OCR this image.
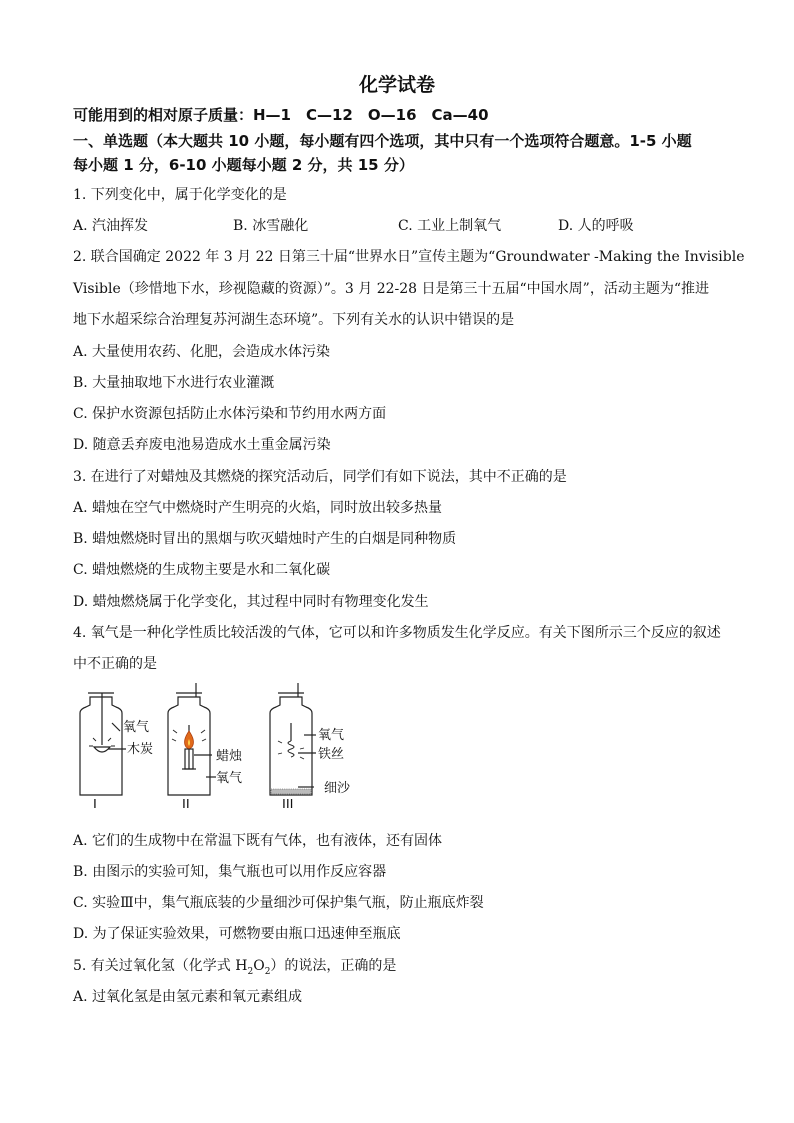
化学试卷
可能用到的相对原子质量：H—1　C—12　O—16　Ca—40
一、单选题（本大题共 10 小题，每小题有四个选项，其中只有一个选项符合题意。1-5 小题
每小题 1 分，6-10 小题每小题 2 分，共 15 分）
1. 下列变化中，属于化学变化的是
A. 汽油挥发	B. 冰雪融化	C. 工业上制氧气	D. 人的呼吸
2. 联合国确定 2022 年 3 月 22 日第三十届“世界水日”宣传主题为“Groundwater -Making the Invisible
Visible（珍惜地下水，珍视隐藏的资源）”。3 月 22-28 日是第三十五届“中国水周”，活动主题为“推进
地下水超采综合治理复苏河湖生态环境”。下列有关水的认识中错误的是
A. 大量使用农药、化肥，会造成水体污染
B. 大量抽取地下水进行农业灌溉
C. 保护水资源包括防止水体污染和节约用水两方面
D. 随意丢弃废电池易造成水土重金属污染
3. 在进行了对蜡烛及其燃烧的探究活动后，同学们有如下说法，其中不正确的是
A. 蜡烛在空气中燃烧时产生明亮的火焰，同时放出较多热量
B. 蜡烛燃烧时冒出的黑烟与吹灭蜡烛时产生的白烟是同种物质
C. 蜡烛燃烧的生成物主要是水和二氧化碳
D. 蜡烛燃烧属于化学变化，其过程中同时有物理变化发生
4. 氧气是一种化学性质比较活泼的气体，它可以和许多物质发生化学反应。有关下图所示三个反应的叙述
中不正确的是
氧气
木炭
I
蜡烛
氧气
II
氧气
铁丝
细沙
III
A. 它们的生成物中在常温下既有气体，也有液体，还有固体
B. 由图示的实验可知，集气瓶也可以用作反应容器
C. 实验Ⅲ中，集气瓶底装的少量细沙可保护集气瓶，防止瓶底炸裂
D. 为了保证实验效果，可燃物要由瓶口迅速伸至瓶底
5. 有关过氧化氢（化学式 $H_2O_2$）的说法，正确的是
A. 过氧化氢是由氢元素和氧元素组成
